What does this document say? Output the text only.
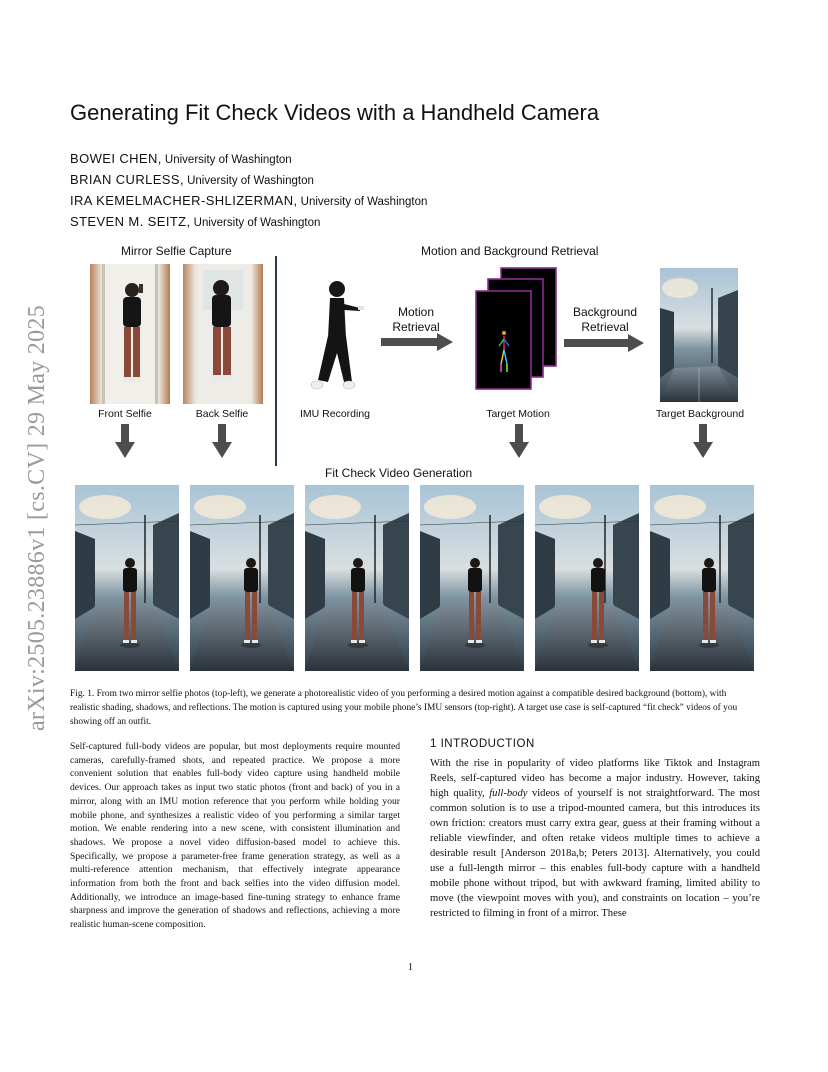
arXiv:2505.23886v1 [cs.CV] 29 May 2025
Generating Fit Check Videos with a Handheld Camera
BOWEI CHEN, University of Washington
BRIAN CURLESS, University of Washington
IRA KEMELMACHER-SHLIZERMAN, University of Washington
STEVEN M. SEITZ, University of Washington
Mirror Selfie Capture	Motion and Background Retrieval
Fit Check Video Generation
Front Selfie	Back Selfie	IMU Recording
Motion
Retrieval
Target Motion
Background
Retrieval
Target Background
Fig. 1. From two mirror selfie photos (top-left), we generate a photorealistic video of you performing a desired motion against a compatible desired background (bottom), with realistic shading, shadows, and reflections. The motion is captured using your mobile phone’s IMU sensors (top-right). A target use case is self-captured “fit check” videos of you showing off an outfit.
Self-captured full-body videos are popular, but most deployments require mounted cameras, carefully-framed shots, and repeated practice. We propose a more convenient solution that enables full-body video capture using handheld mobile devices. Our approach takes as input two static photos (front and back) of you in a mirror, along with an IMU motion reference that you perform while holding your mobile phone, and synthesizes a realistic video of you performing a similar target motion. We enable rendering into a new scene, with consistent illumination and shadows. We propose a novel video diffusion-based model to achieve this. Specifically, we propose a parameter-free frame generation strategy, as well as a multi-reference attention mechanism, that effectively integrate appearance information from both the front and back selfies into the video diffusion model. Additionally, we introduce an image-based fine-tuning strategy to enhance frame sharpness and improve the generation of shadows and reflections, achieving a more realistic human-scene composition.
1 INTRODUCTION
With the rise in popularity of video platforms like Tiktok and Instagram Reels, self-captured video has become a major industry. However, taking high quality, full-body videos of yourself is not straightforward. The most common solution is to use a tripod-mounted camera, but this introduces its own friction: creators must carry extra gear, guess at their framing without a reliable viewfinder, and often retake videos multiple times to achieve a desirable result [Anderson 2018a,b; Peters 2013]. Alternatively, you could use a full-length mirror – this enables full-body capture with a handheld mobile phone without tripod, but with awkward framing, limited ability to move (the viewpoint moves with you), and constraints on location – you’re restricted to filming in front of a mirror. These
1
